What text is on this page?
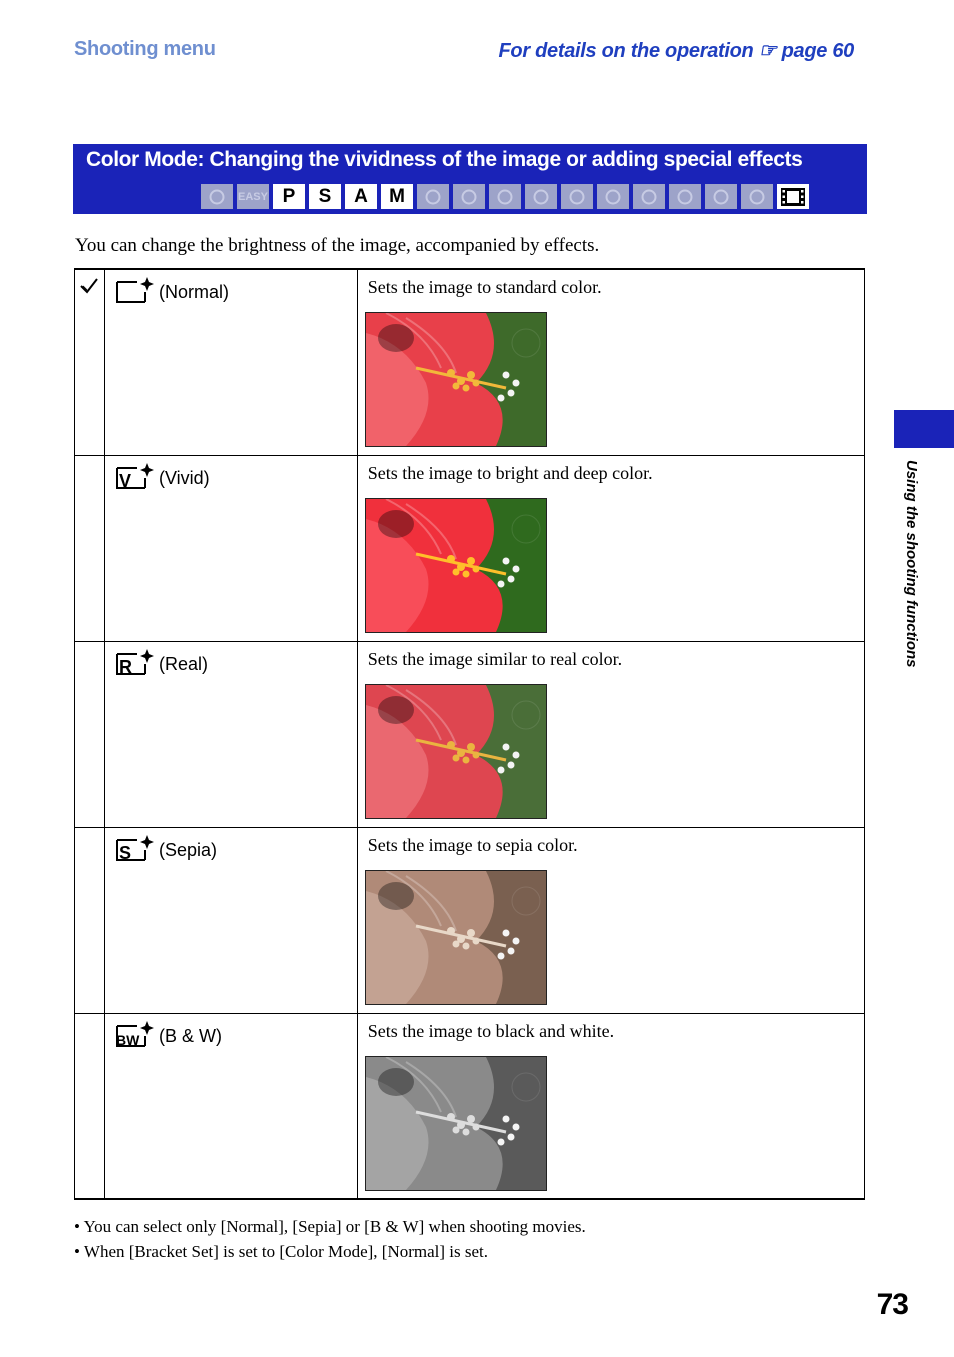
Shooting menu	For details on the operation ☞ page 60
Color Mode: Changing the vividness of the image or adding special effects
EASY P	S	A	M
You can change the brightness of the image, accompanied by effects.

(Normal)	Sets the image to standard color.

V (Vivid)	Sets the image to bright and deep color.

R (Real)	Sets the image similar to real color.

S (Sepia)	Sets the image to sepia color.

BW (B & W)	Sets the image to black and white.
• You can select only [Normal], [Sepia] or [B & W] when shooting movies.
• When [Bracket Set] is set to [Color Mode], [Normal] is set.
Using the shooting functions
73
